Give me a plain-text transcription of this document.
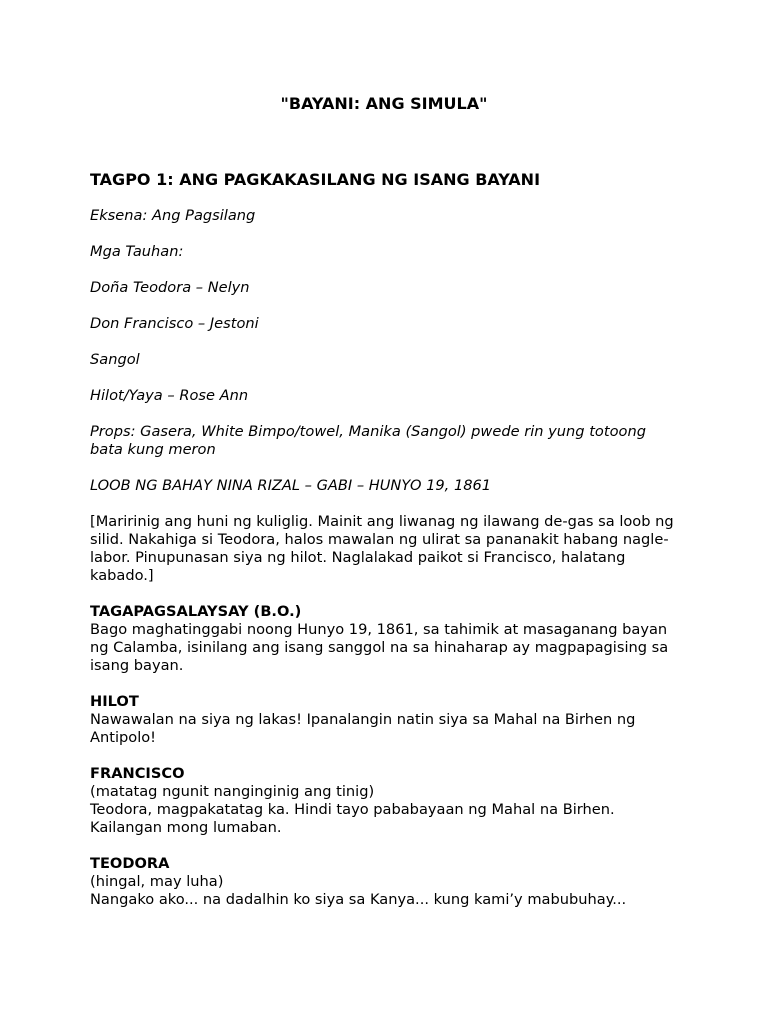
"BAYANI: ANG SIMULA"
TAGPO 1: ANG PAGKAKASILANG NG ISANG BAYANI

Eksena: Ang Pagsilang

Mga Tauhan:

Doña Teodora – Nelyn

Don Francisco – Jestoni

Sangol

Hilot/Yaya – Rose Ann

Props: Gasera, White Bimpo/towel, Manika (Sangol) pwede rin yung totoong bata kung meron

LOOB NG BAHAY NINA RIZAL – GABI – HUNYO 19, 1861

[Maririnig ang huni ng kuliglig. Mainit ang liwanag ng ilawang de-gas sa loob ng silid. Nakahiga si Teodora, halos mawalan ng ulirat sa pananakit habang nagle-labor. Pinupunasan siya ng hilot. Naglalakad paikot si Francisco, halatang kabado.]

TAGAPAGSALAYSAY (B.O.)
Bago maghatinggabi noong Hunyo 19, 1861, sa tahimik at masaganang bayan ng Calamba, isinilang ang isang sanggol na sa hinaharap ay magpapagising sa isang bayan.

HILOT
Nawawalan na siya ng lakas! Ipanalangin natin siya sa Mahal na Birhen ng Antipolo!

FRANCISCO
(matatag ngunit nanginginig ang tinig)
Teodora, magpakatatag ka. Hindi tayo pababayaan ng Mahal na Birhen. Kailangan mong lumaban.

TEODORA
(hingal, may luha)
Nangako ako... na dadalhin ko siya sa Kanya... kung kami’y mabubuhay...
